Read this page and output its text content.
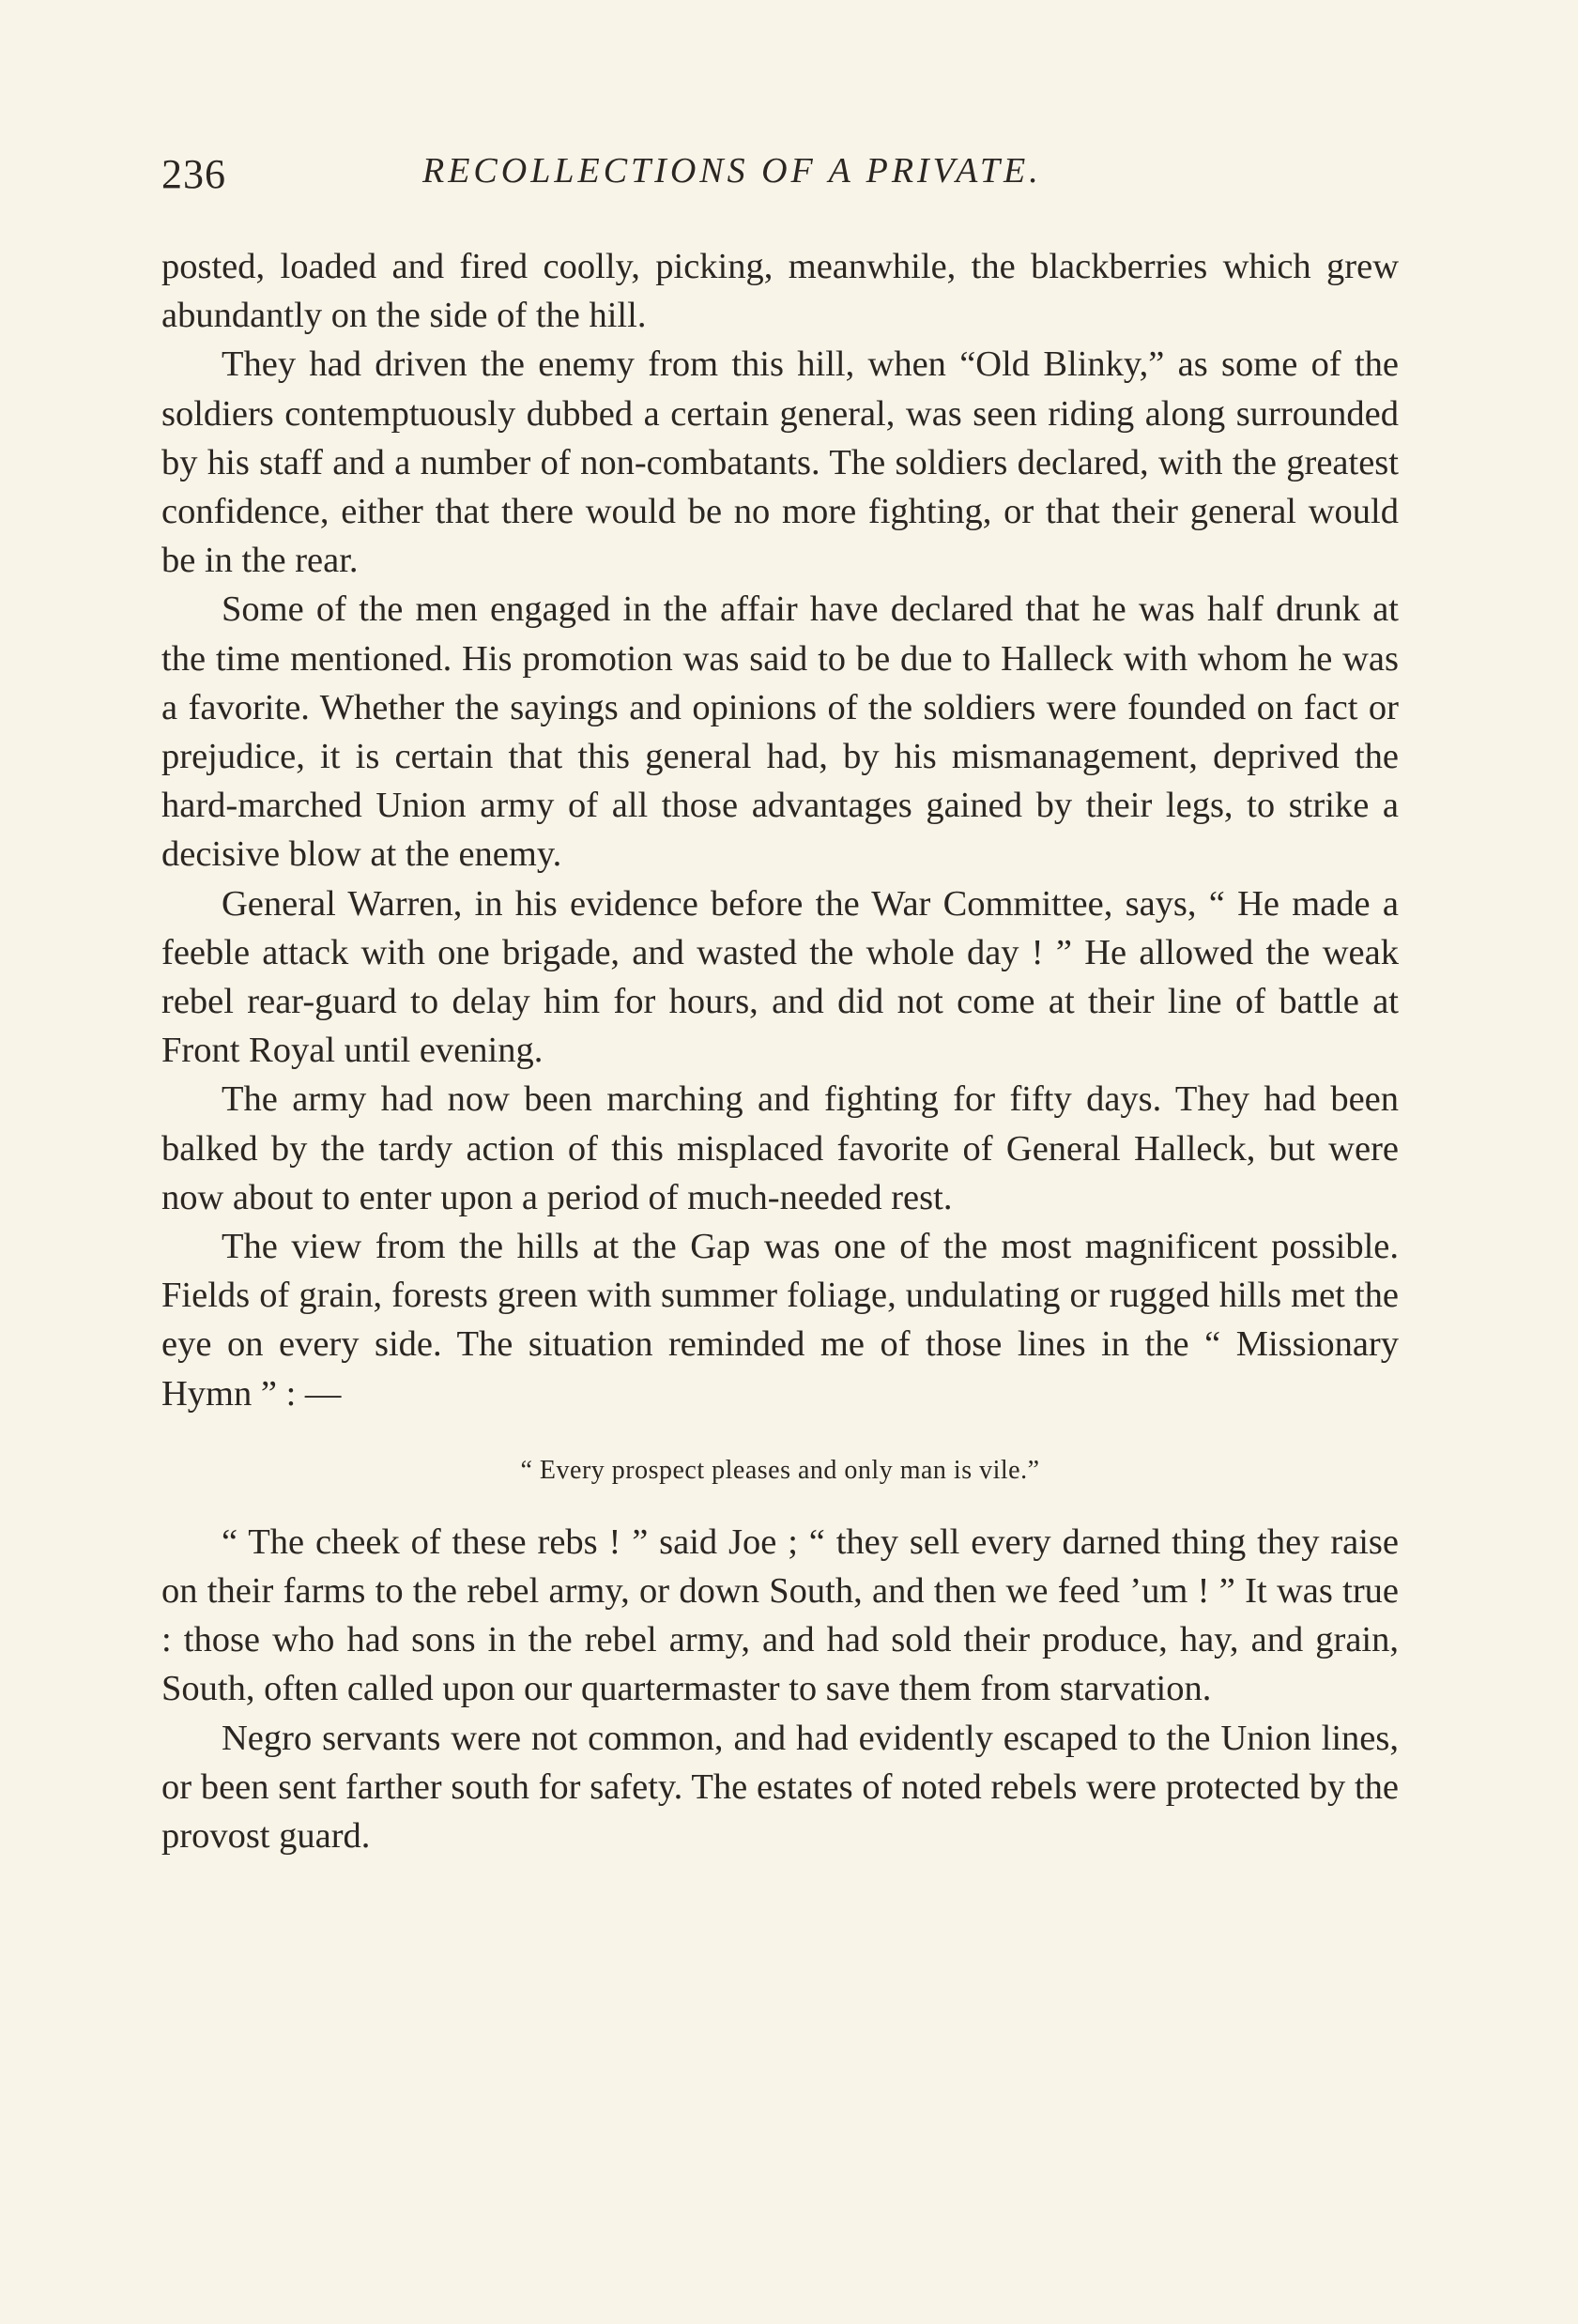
236	RECOLLECTIONS OF A PRIVATE.

posted, loaded and fired coolly, picking, meanwhile, the blackberries which grew abundantly on the side of the hill.

They had driven the enemy from this hill, when “Old Blinky,” as some of the soldiers contemptuously dubbed a certain general, was seen riding along surrounded by his staff and a number of non-combatants. The soldiers declared, with the greatest confidence, either that there would be no more fighting, or that their general would be in the rear.

Some of the men engaged in the affair have declared that he was half drunk at the time mentioned. His promotion was said to be due to Halleck with whom he was a favorite. Whether the sayings and opinions of the soldiers were founded on fact or prejudice, it is certain that this general had, by his mismanagement, deprived the hard-marched Union army of all those advantages gained by their legs, to strike a decisive blow at the enemy.

General Warren, in his evidence before the War Committee, says, “ He made a feeble attack with one brigade, and wasted the whole day ! ” He allowed the weak rebel rear-guard to delay him for hours, and did not come at their line of battle at Front Royal until evening.

The army had now been marching and fighting for fifty days. They had been balked by the tardy action of this misplaced favorite of General Halleck, but were now about to enter upon a period of much-needed rest.

The view from the hills at the Gap was one of the most magnificent possible. Fields of grain, forests green with summer foliage, undulating or rugged hills met the eye on every side. The situation reminded me of those lines in the “ Missionary Hymn ” : —

“ Every prospect pleases and only man is vile.”

“ The cheek of these rebs ! ” said Joe ; “ they sell every darned thing they raise on their farms to the rebel army, or down South, and then we feed ’um ! ” It was true : those who had sons in the rebel army, and had sold their produce, hay, and grain, South, often called upon our quartermaster to save them from starvation.

Negro servants were not common, and had evidently escaped to the Union lines, or been sent farther south for safety. The estates of noted rebels were protected by the provost guard.
